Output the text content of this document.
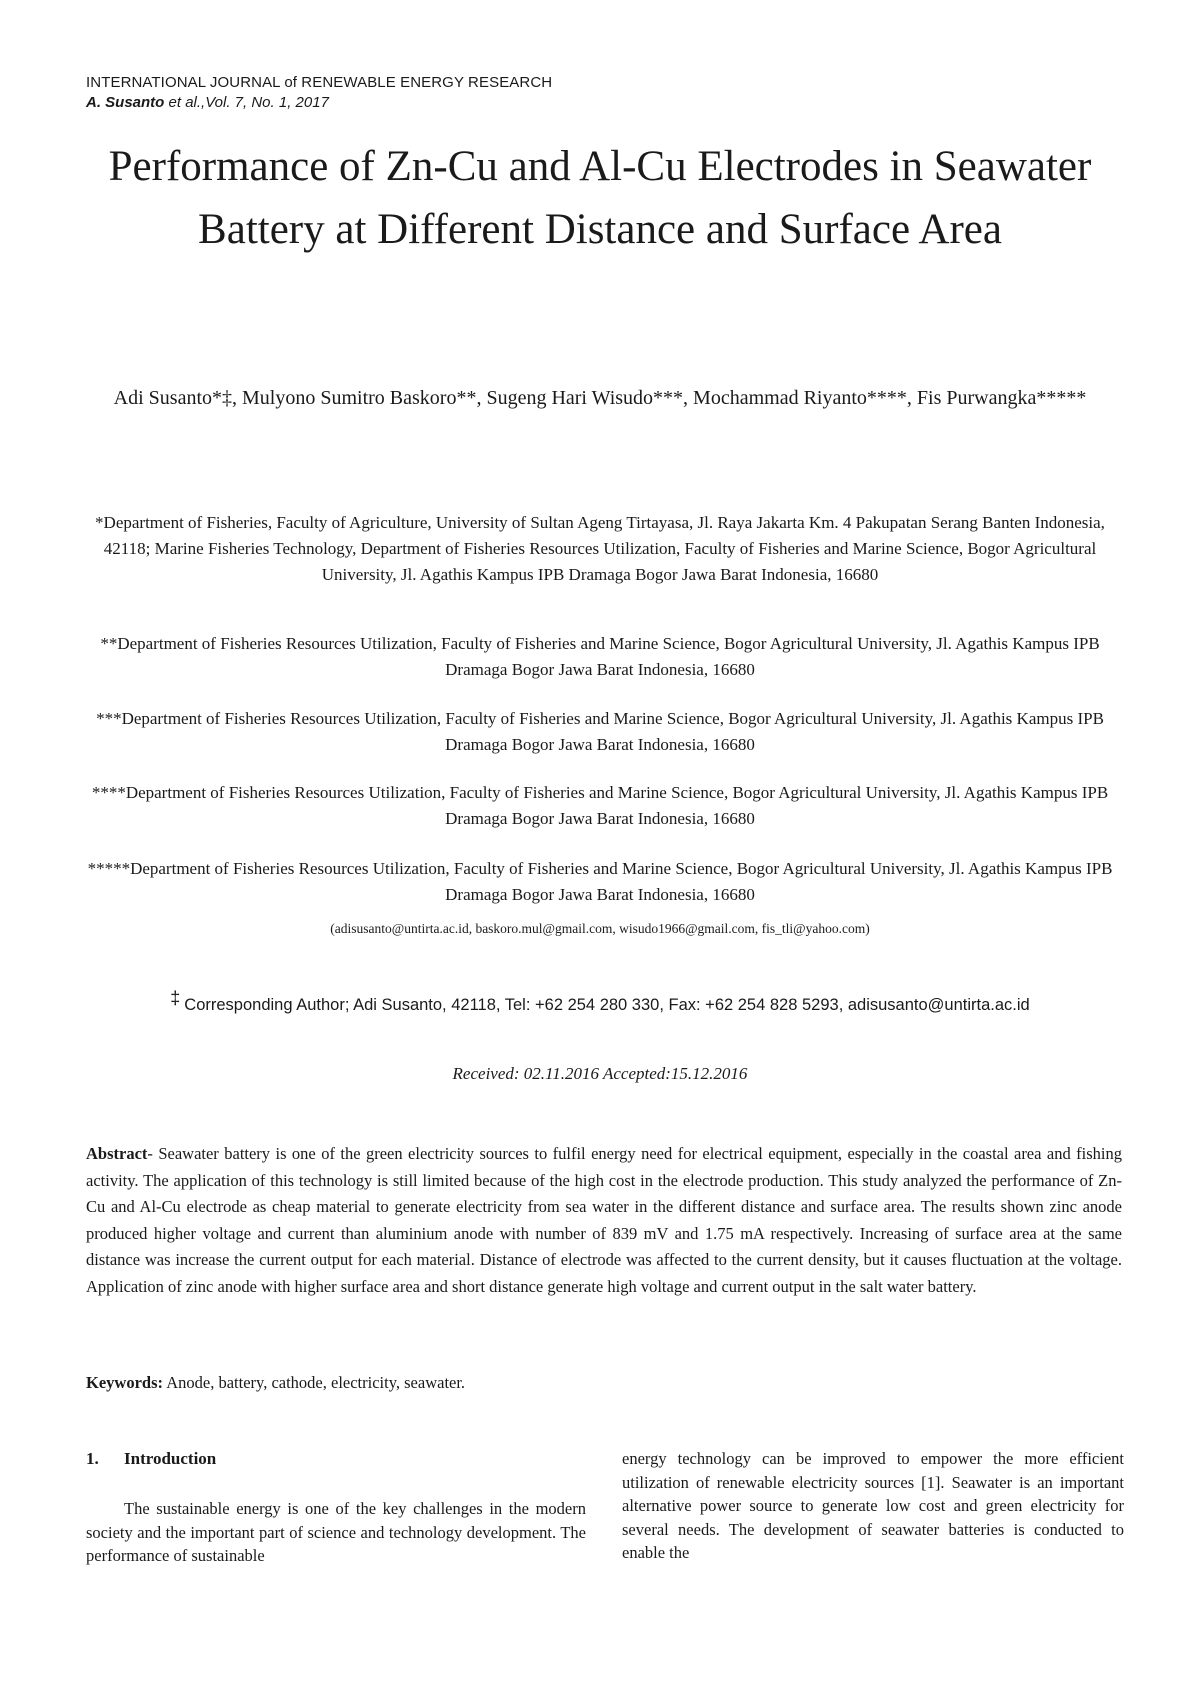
INTERNATIONAL JOURNAL of RENEWABLE ENERGY RESEARCH
A. Susanto et al.,Vol. 7, No. 1, 2017
Performance of Zn-Cu and Al-Cu Electrodes in Seawater Battery at Different Distance and Surface Area
Adi Susanto*‡, Mulyono Sumitro Baskoro**, Sugeng Hari Wisudo***, Mochammad Riyanto****, Fis Purwangka*****
*Department of Fisheries, Faculty of Agriculture, University of Sultan Ageng Tirtayasa, Jl. Raya Jakarta Km. 4 Pakupatan Serang Banten Indonesia, 42118; Marine Fisheries Technology, Department of Fisheries Resources Utilization, Faculty of Fisheries and Marine Science, Bogor Agricultural University, Jl. Agathis Kampus IPB Dramaga Bogor Jawa Barat Indonesia, 16680
**Department of Fisheries Resources Utilization, Faculty of Fisheries and Marine Science, Bogor Agricultural University, Jl. Agathis Kampus IPB Dramaga Bogor Jawa Barat Indonesia, 16680
***Department of Fisheries Resources Utilization, Faculty of Fisheries and Marine Science, Bogor Agricultural University, Jl. Agathis Kampus IPB Dramaga Bogor Jawa Barat Indonesia, 16680
****Department of Fisheries Resources Utilization, Faculty of Fisheries and Marine Science, Bogor Agricultural University, Jl. Agathis Kampus IPB Dramaga Bogor Jawa Barat Indonesia, 16680
*****Department of Fisheries Resources Utilization, Faculty of Fisheries and Marine Science, Bogor Agricultural University, Jl. Agathis Kampus IPB Dramaga Bogor Jawa Barat Indonesia, 16680
(adisusanto@untirta.ac.id, baskoro.mul@gmail.com, wisudo1966@gmail.com, fis_tli@yahoo.com)
‡ Corresponding Author; Adi Susanto, 42118, Tel: +62 254 280 330, Fax: +62 254 828 5293, adisusanto@untirta.ac.id
Received: 02.11.2016 Accepted:15.12.2016

Abstract- Seawater battery is one of the green electricity sources to fulfil energy need for electrical equipment, especially in the coastal area and fishing activity. The application of this technology is still limited because of the high cost in the electrode production. This study analyzed the performance of Zn-Cu and Al-Cu electrode as cheap material to generate electricity from sea water in the different distance and surface area. The results shown zinc anode produced higher voltage and current than aluminium anode with number of 839 mV and 1.75 mA respectively. Increasing of surface area at the same distance was increase the current output for each material. Distance of electrode was affected to the current density, but it causes fluctuation at the voltage. Application of zinc anode with higher surface area and short distance generate high voltage and current output in the salt water battery.

Keywords: Anode, battery, cathode, electricity, seawater.

1. Introduction

The sustainable energy is one of the key challenges in the modern society and the important part of science and technology development. The performance of sustainable

energy technology can be improved to empower the more efficient utilization of renewable electricity sources [1]. Seawater is an important alternative power source to generate low cost and green electricity for several needs. The development of seawater batteries is conducted to enable the
